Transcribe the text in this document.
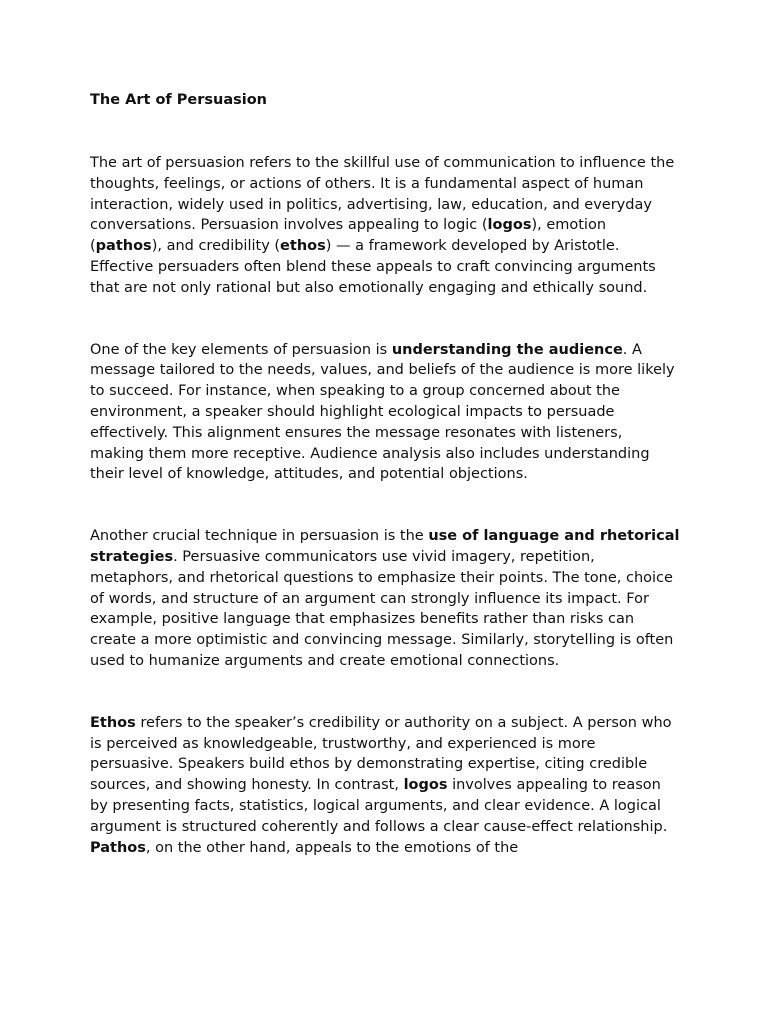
The Art of Persuasion

The art of persuasion refers to the skillful use of communication to influence the thoughts, feelings, or actions of others. It is a fundamental aspect of human interaction, widely used in politics, advertising, law, education, and everyday conversations. Persuasion involves appealing to logic (logos), emotion (pathos), and credibility (ethos) — a framework developed by Aristotle. Effective persuaders often blend these appeals to craft convincing arguments that are not only rational but also emotionally engaging and ethically sound.

One of the key elements of persuasion is understanding the audience. A message tailored to the needs, values, and beliefs of the audience is more likely to succeed. For instance, when speaking to a group concerned about the environment, a speaker should highlight ecological impacts to persuade effectively. This alignment ensures the message resonates with listeners, making them more receptive. Audience analysis also includes understanding their level of knowledge, attitudes, and potential objections.

Another crucial technique in persuasion is the use of language and rhetorical strategies. Persuasive communicators use vivid imagery, repetition, metaphors, and rhetorical questions to emphasize their points. The tone, choice of words, and structure of an argument can strongly influence its impact. For example, positive language that emphasizes benefits rather than risks can create a more optimistic and convincing message. Similarly, storytelling is often used to humanize arguments and create emotional connections.

Ethos refers to the speaker’s credibility or authority on a subject. A person who is perceived as knowledgeable, trustworthy, and experienced is more persuasive. Speakers build ethos by demonstrating expertise, citing credible sources, and showing honesty. In contrast, logos involves appealing to reason by presenting facts, statistics, logical arguments, and clear evidence. A logical argument is structured coherently and follows a clear cause-effect relationship. Pathos, on the other hand, appeals to the emotions of the
